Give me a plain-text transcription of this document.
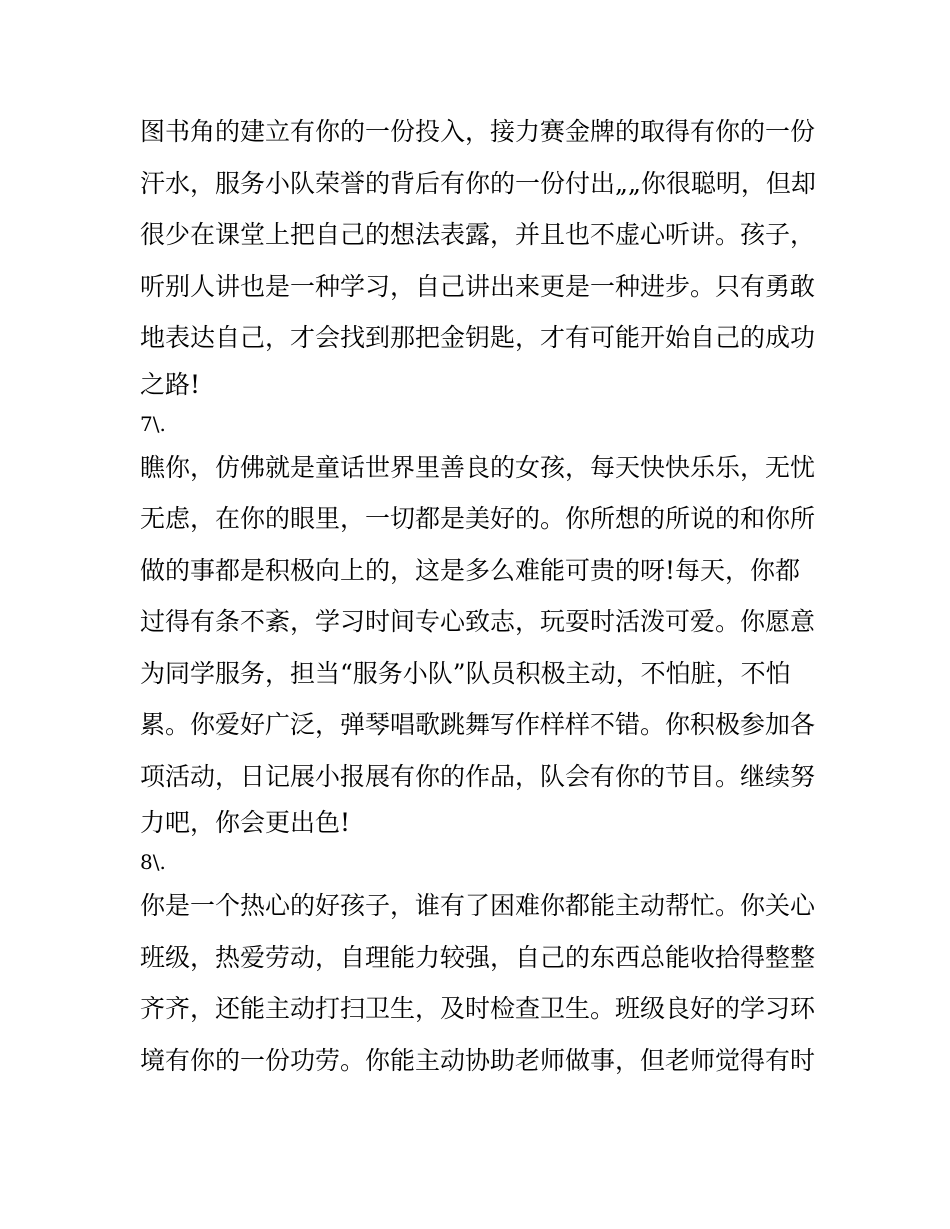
图书角的建立有你的一份投入，接力赛金牌的取得有你的一份
汗水，服务小队荣誉的背后有你的一份付出„„你很聪明，但却
很少在课堂上把自己的想法表露，并且也不虚心听讲。孩子，
听别人讲也是一种学习，自己讲出来更是一种进步。只有勇敢
地表达自己，才会找到那把金钥匙，才有可能开始自己的成功
之路!
7\.
瞧你，仿佛就是童话世界里善良的女孩，每天快快乐乐，无忧
无虑，在你的眼里，一切都是美好的。你所想的所说的和你所
做的事都是积极向上的，这是多么难能可贵的呀!每天，你都
过得有条不紊，学习时间专心致志，玩耍时活泼可爱。你愿意
为同学服务，担当“服务小队”队员积极主动，不怕脏，不怕
累。你爱好广泛，弹琴唱歌跳舞写作样样不错。你积极参加各
项活动，日记展小报展有你的作品，队会有你的节目。继续努
力吧，你会更出色!
8\.
你是一个热心的好孩子，谁有了困难你都能主动帮忙。你关心
班级，热爱劳动，自理能力较强，自己的东西总能收拾得整整
齐齐，还能主动打扫卫生，及时检查卫生。班级良好的学习环
境有你的一份功劳。你能主动协助老师做事，但老师觉得有时
